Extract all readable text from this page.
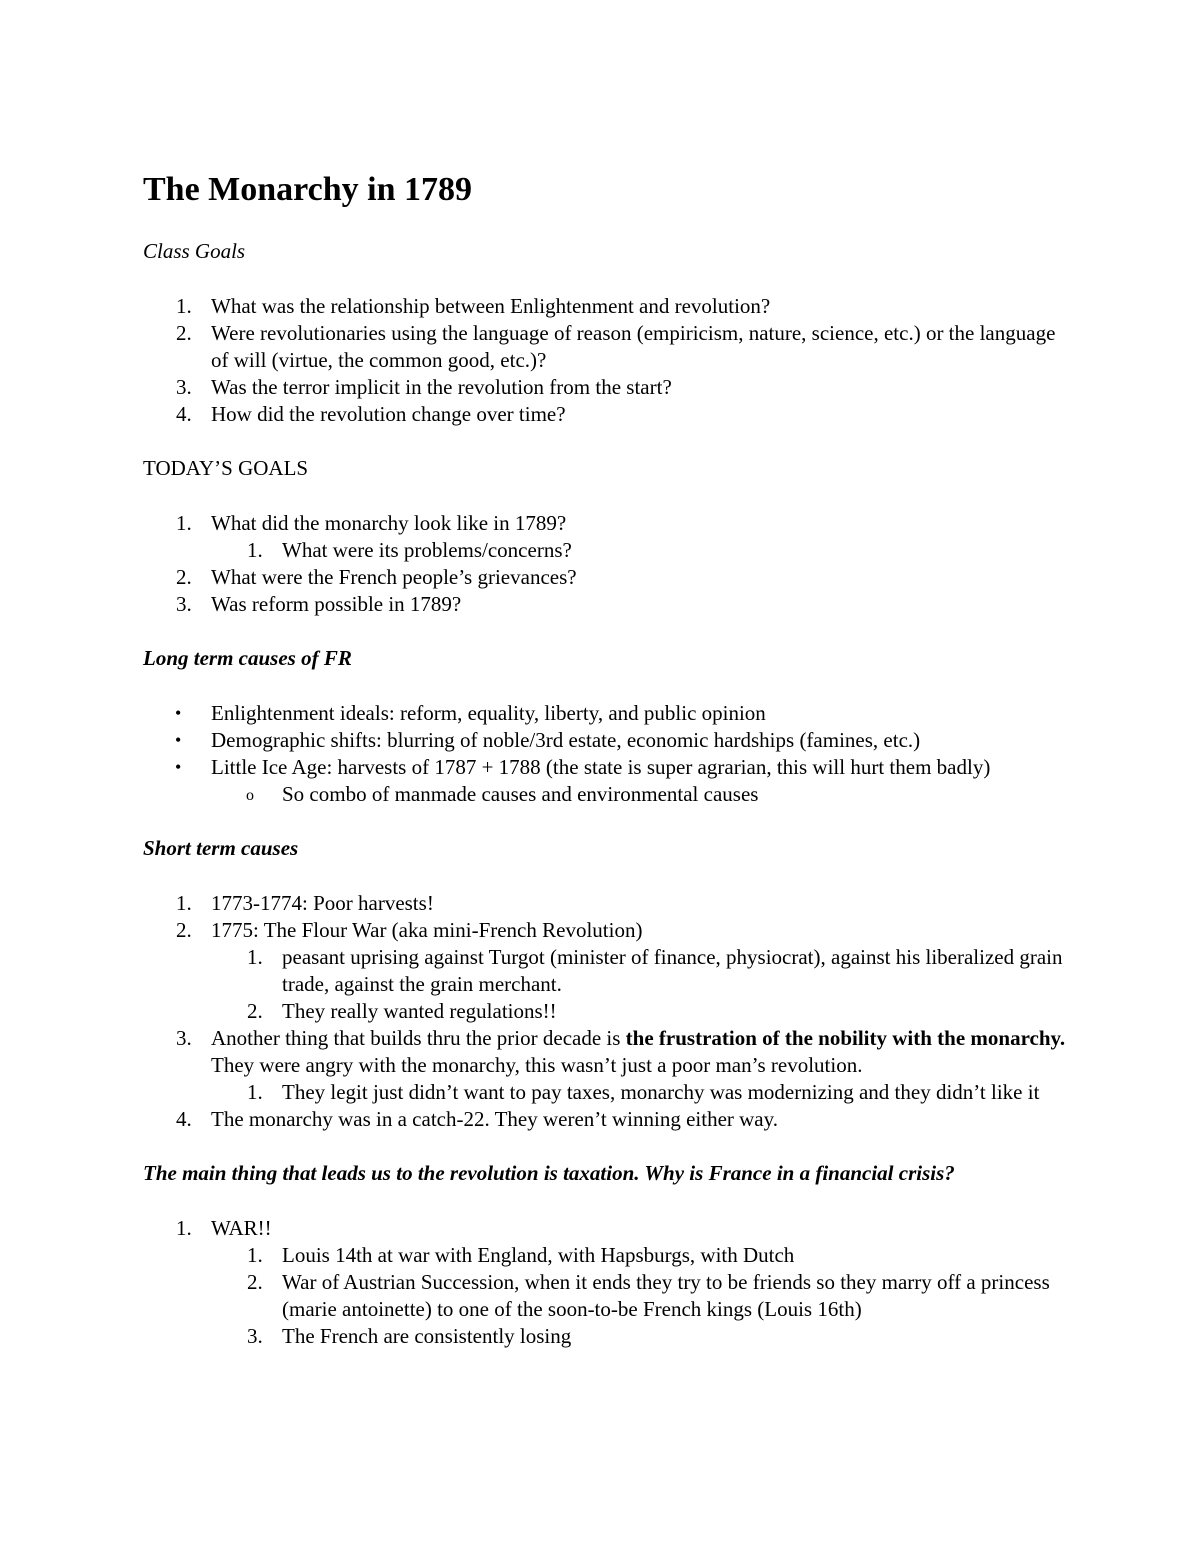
The Monarchy in 1789
Class Goals
1. What was the relationship between Enlightenment and revolution?
2. Were revolutionaries using the language of reason (empiricism, nature, science, etc.) or the language of will (virtue, the common good, etc.)?
3. Was the terror implicit in the revolution from the start?
4. How did the revolution change over time?
TODAY’S GOALS
1. What did the monarchy look like in 1789?
1. What were its problems/concerns?
2. What were the French people’s grievances?
3. Was reform possible in 1789?
Long term causes of FR
• Enlightenment ideals: reform, equality, liberty, and public opinion
• Demographic shifts: blurring of noble/3rd estate, economic hardships (famines, etc.)
• Little Ice Age: harvests of 1787 + 1788 (the state is super agrarian, this will hurt them badly)
o So combo of manmade causes and environmental causes
Short term causes
1. 1773-1774: Poor harvests!
2. 1775: The Flour War (aka mini-French Revolution)
1. peasant uprising against Turgot (minister of finance, physiocrat), against his liberalized grain trade, against the grain merchant.
2. They really wanted regulations!!
3. Another thing that builds thru the prior decade is the frustration of the nobility with the monarchy. They were angry with the monarchy, this wasn’t just a poor man’s revolution.
1. They legit just didn’t want to pay taxes, monarchy was modernizing and they didn’t like it
4. The monarchy was in a catch-22. They weren’t winning either way.
The main thing that leads us to the revolution is taxation. Why is France in a financial crisis?
1. WAR!!
1. Louis 14th at war with England, with Hapsburgs, with Dutch
2. War of Austrian Succession, when it ends they try to be friends so they marry off a princess (marie antoinette) to one of the soon-to-be French kings (Louis 16th)
3. The French are consistently losing
